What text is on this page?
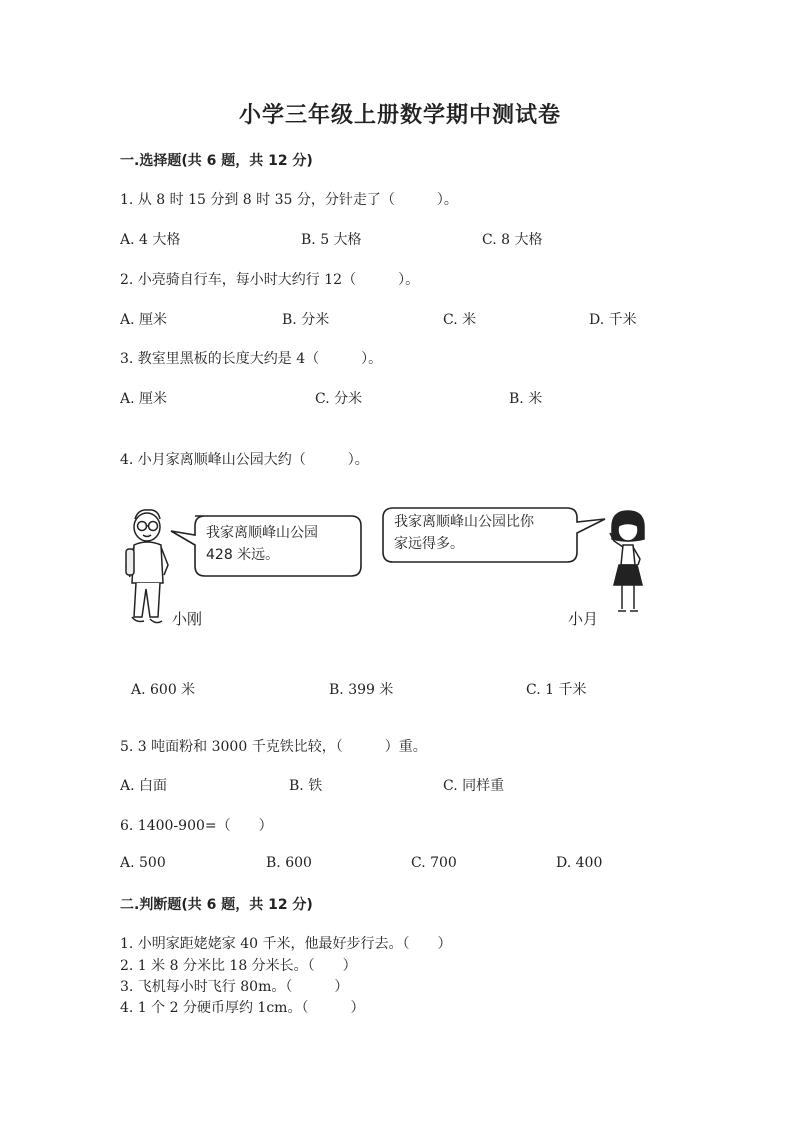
小学三年级上册数学期中测试卷
一.选择题(共 6 题，共 12 分)
1. 从 8 时 15 分到 8 时 35 分，分针走了（　　　）。
A. 4 大格	B. 5 大格	C. 8 大格
2. 小亮骑自行车，每小时大约行 12（　　　）。
A. 厘米	B. 分米	C. 米	D. 千米
3. 教室里黑板的长度大约是 4（　　　）。
A. 厘米	C. 分米	B. 米
4. 小月家离顺峰山公园大约（　　　）。
我家离顺峰山公园
428 米远。
我家离顺峰山公园比你
家远得多。
小刚	小月
A. 600 米	B. 399 米	C. 1 千米
5. 3 吨面粉和 3000 千克铁比较，（　　　）重。
A. 白面	B. 铁	C. 同样重
6. 1400-900=（　　）
A. 500	B. 600	C. 700	D. 400
二.判断题(共 6 题，共 12 分)
1. 小明家距姥姥家 40 千米，他最好步行去。（　　）
2. 1 米 8 分米比 18 分米长。（　　）
3. 飞机每小时飞行 80m。（　　　）
4. 1 个 2 分硬币厚约 1cm。（　　　）
